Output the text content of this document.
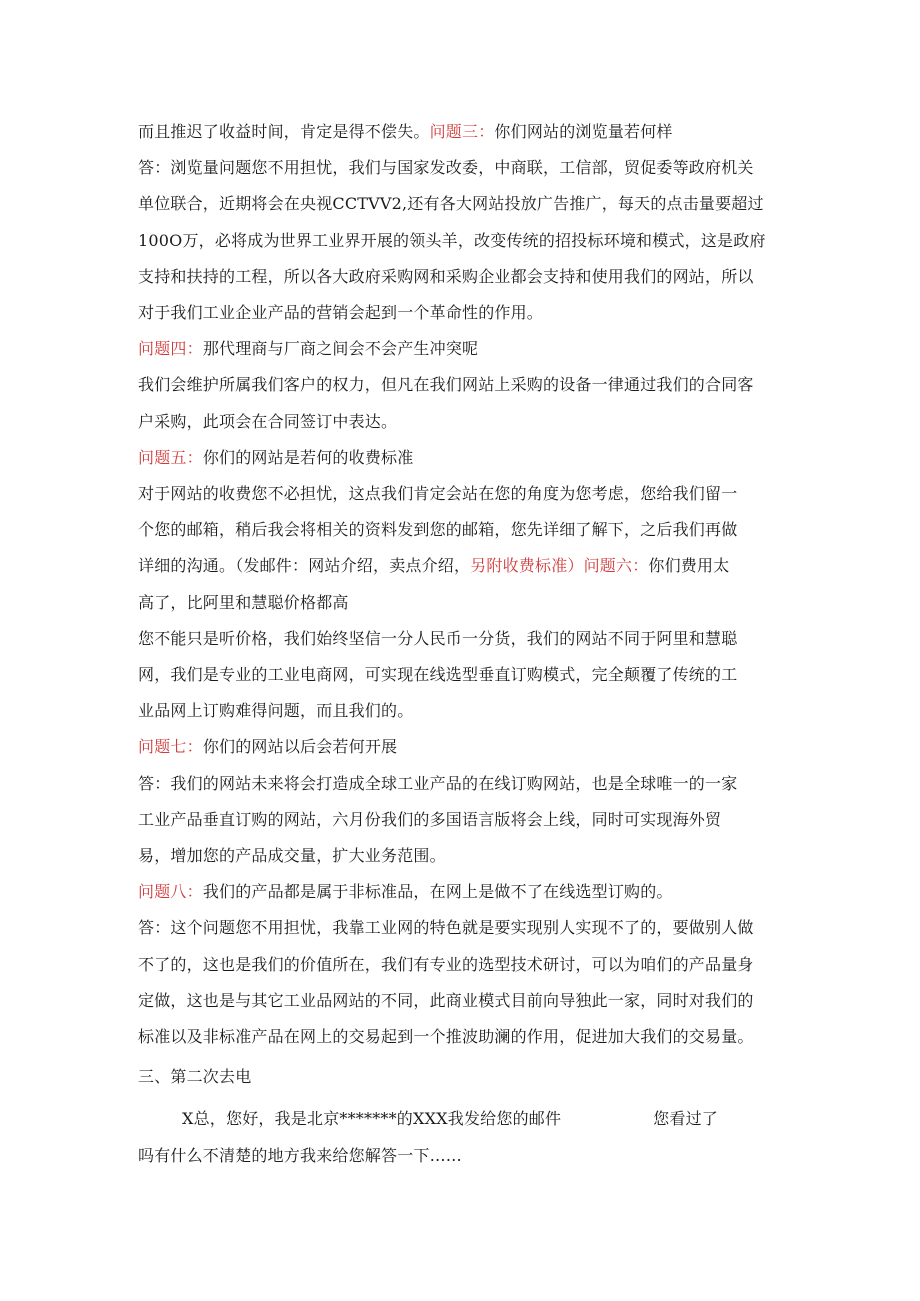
而且推迟了收益时间，肯定是得不偿失。问题三：你们网站的浏览量若何样

答：浏览量问题您不用担忧，我们与国家发改委，中商联，工信部，贸促委等政府机关

单位联合，近期将会在央视CCTVV2,还有各大网站投放广告推广，每天的点击量要超过

100O万，必将成为世界工业界开展的领头羊，改变传统的招投标环境和模式，这是政府

支持和扶持的工程，所以各大政府采购网和采购企业都会支持和使用我们的网站，所以

对于我们工业企业产品的营销会起到一个革命性的作用。

问题四：那代理商与厂商之间会不会产生冲突呢

我们会维护所属我们客户的权力，但凡在我们网站上采购的设备一律通过我们的合同客

户采购，此项会在合同签订中表达。

问题五：你们的网站是若何的收费标准

对于网站的收费您不必担忧，这点我们肯定会站在您的角度为您考虑，您给我们留一

个您的邮箱，稍后我会将相关的资料发到您的邮箱，您先详细了解下，之后我们再做

详细的沟通。（发邮件：网站介绍，卖点介绍，另附收费标准）问题六：你们费用太

高了，比阿里和慧聪价格都高

您不能只是听价格，我们始终坚信一分人民币一分货，我们的网站不同于阿里和慧聪

网，我们是专业的工业电商网，可实现在线选型垂直订购模式，完全颠覆了传统的工

业品网上订购难得问题，而且我们的。

问题七：你们的网站以后会若何开展

答：我们的网站未来将会打造成全球工业产品的在线订购网站，也是全球唯一的一家

工业产品垂直订购的网站，六月份我们的多国语言版将会上线，同时可实现海外贸

易，增加您的产品成交量，扩大业务范围。

问题八：我们的产品都是属于非标准品，在网上是做不了在线选型订购的。

答：这个问题您不用担忧，我靠工业网的特色就是要实现别人实现不了的，要做别人做

不了的，这也是我们的价值所在，我们有专业的选型技术研讨，可以为咱们的产品量身

定做，这也是与其它工业品网站的不同，此商业模式目前向导独此一家，同时对我们的

标准以及非标准产品在网上的交易起到一个推波助澜的作用，促进加大我们的交易量。

三、第二次去电

X总，您好，我是北京*******的XXX我发给您的邮件	您看过了

吗有什么不清楚的地方我来给您解答一下……
